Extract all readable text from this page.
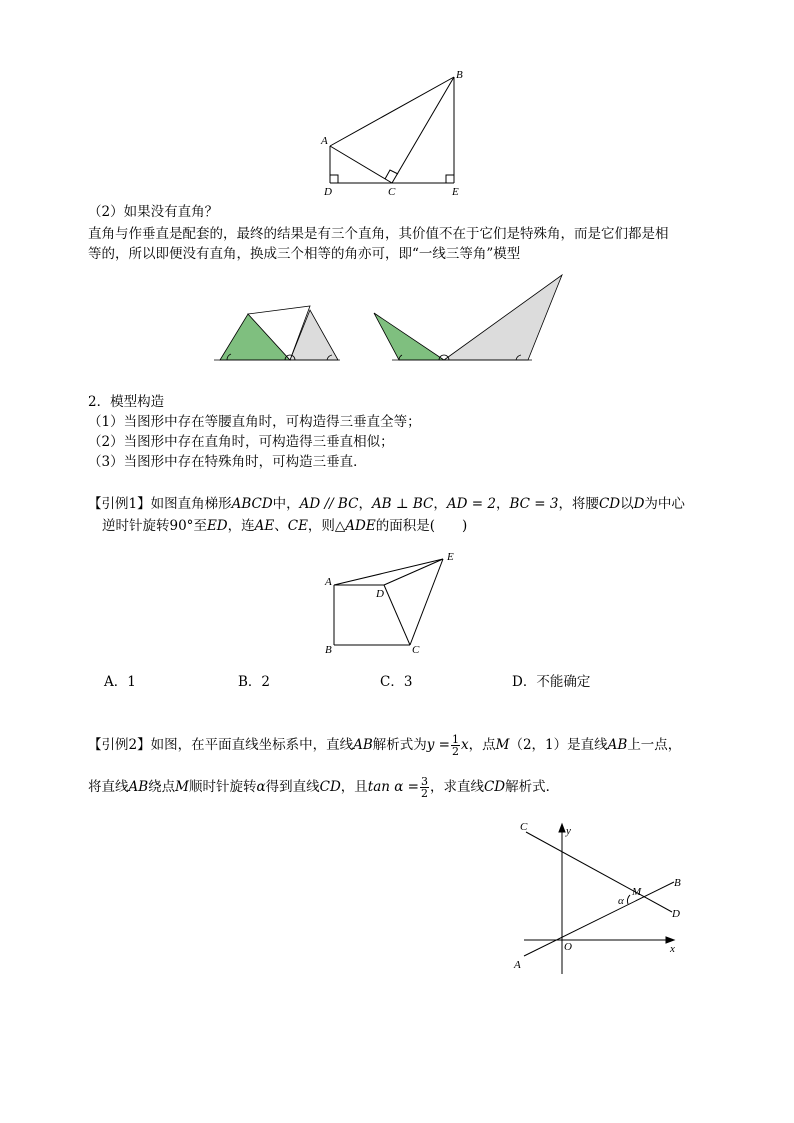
A
B
C
D	E
（2）如果没有直角？
直角与作垂直是配套的，最终的结果是有三个直角，其价值不在于它们是特殊角，而是它们都是相
等的，所以即便没有直角，换成三个相等的角亦可，即“一线三等角”模型
2．模型构造
（1）当图形中存在等腰直角时，可构造得三垂直全等；
（2）当图形中存在直角时，可构造得三垂直相似；
（3）当图形中存在特殊角时，可构造三垂直．
【引例1】如图直角梯形ABCD中，AD // BC，AB ⊥ BC，AD = 2，BC = 3，将腰CD以D为中心
逆时针旋转90°至ED，连AE、CE，则△ADE的面积是(　　)
A
B	C
D
E
A．1	B．2	C．3	D．不能确定
【引例2】如图，在平面直线坐标系中，直线AB解析式为$y = \frac{1}{2}$ x，点M（2，1）是直线AB上一点，
将直线AB绕点M顺时针旋转α得到直线CD，且$\tan \alpha = \frac{3}{2}$ ，求直线CD解析式．
C	y
B
M
α
D
O	x
A
